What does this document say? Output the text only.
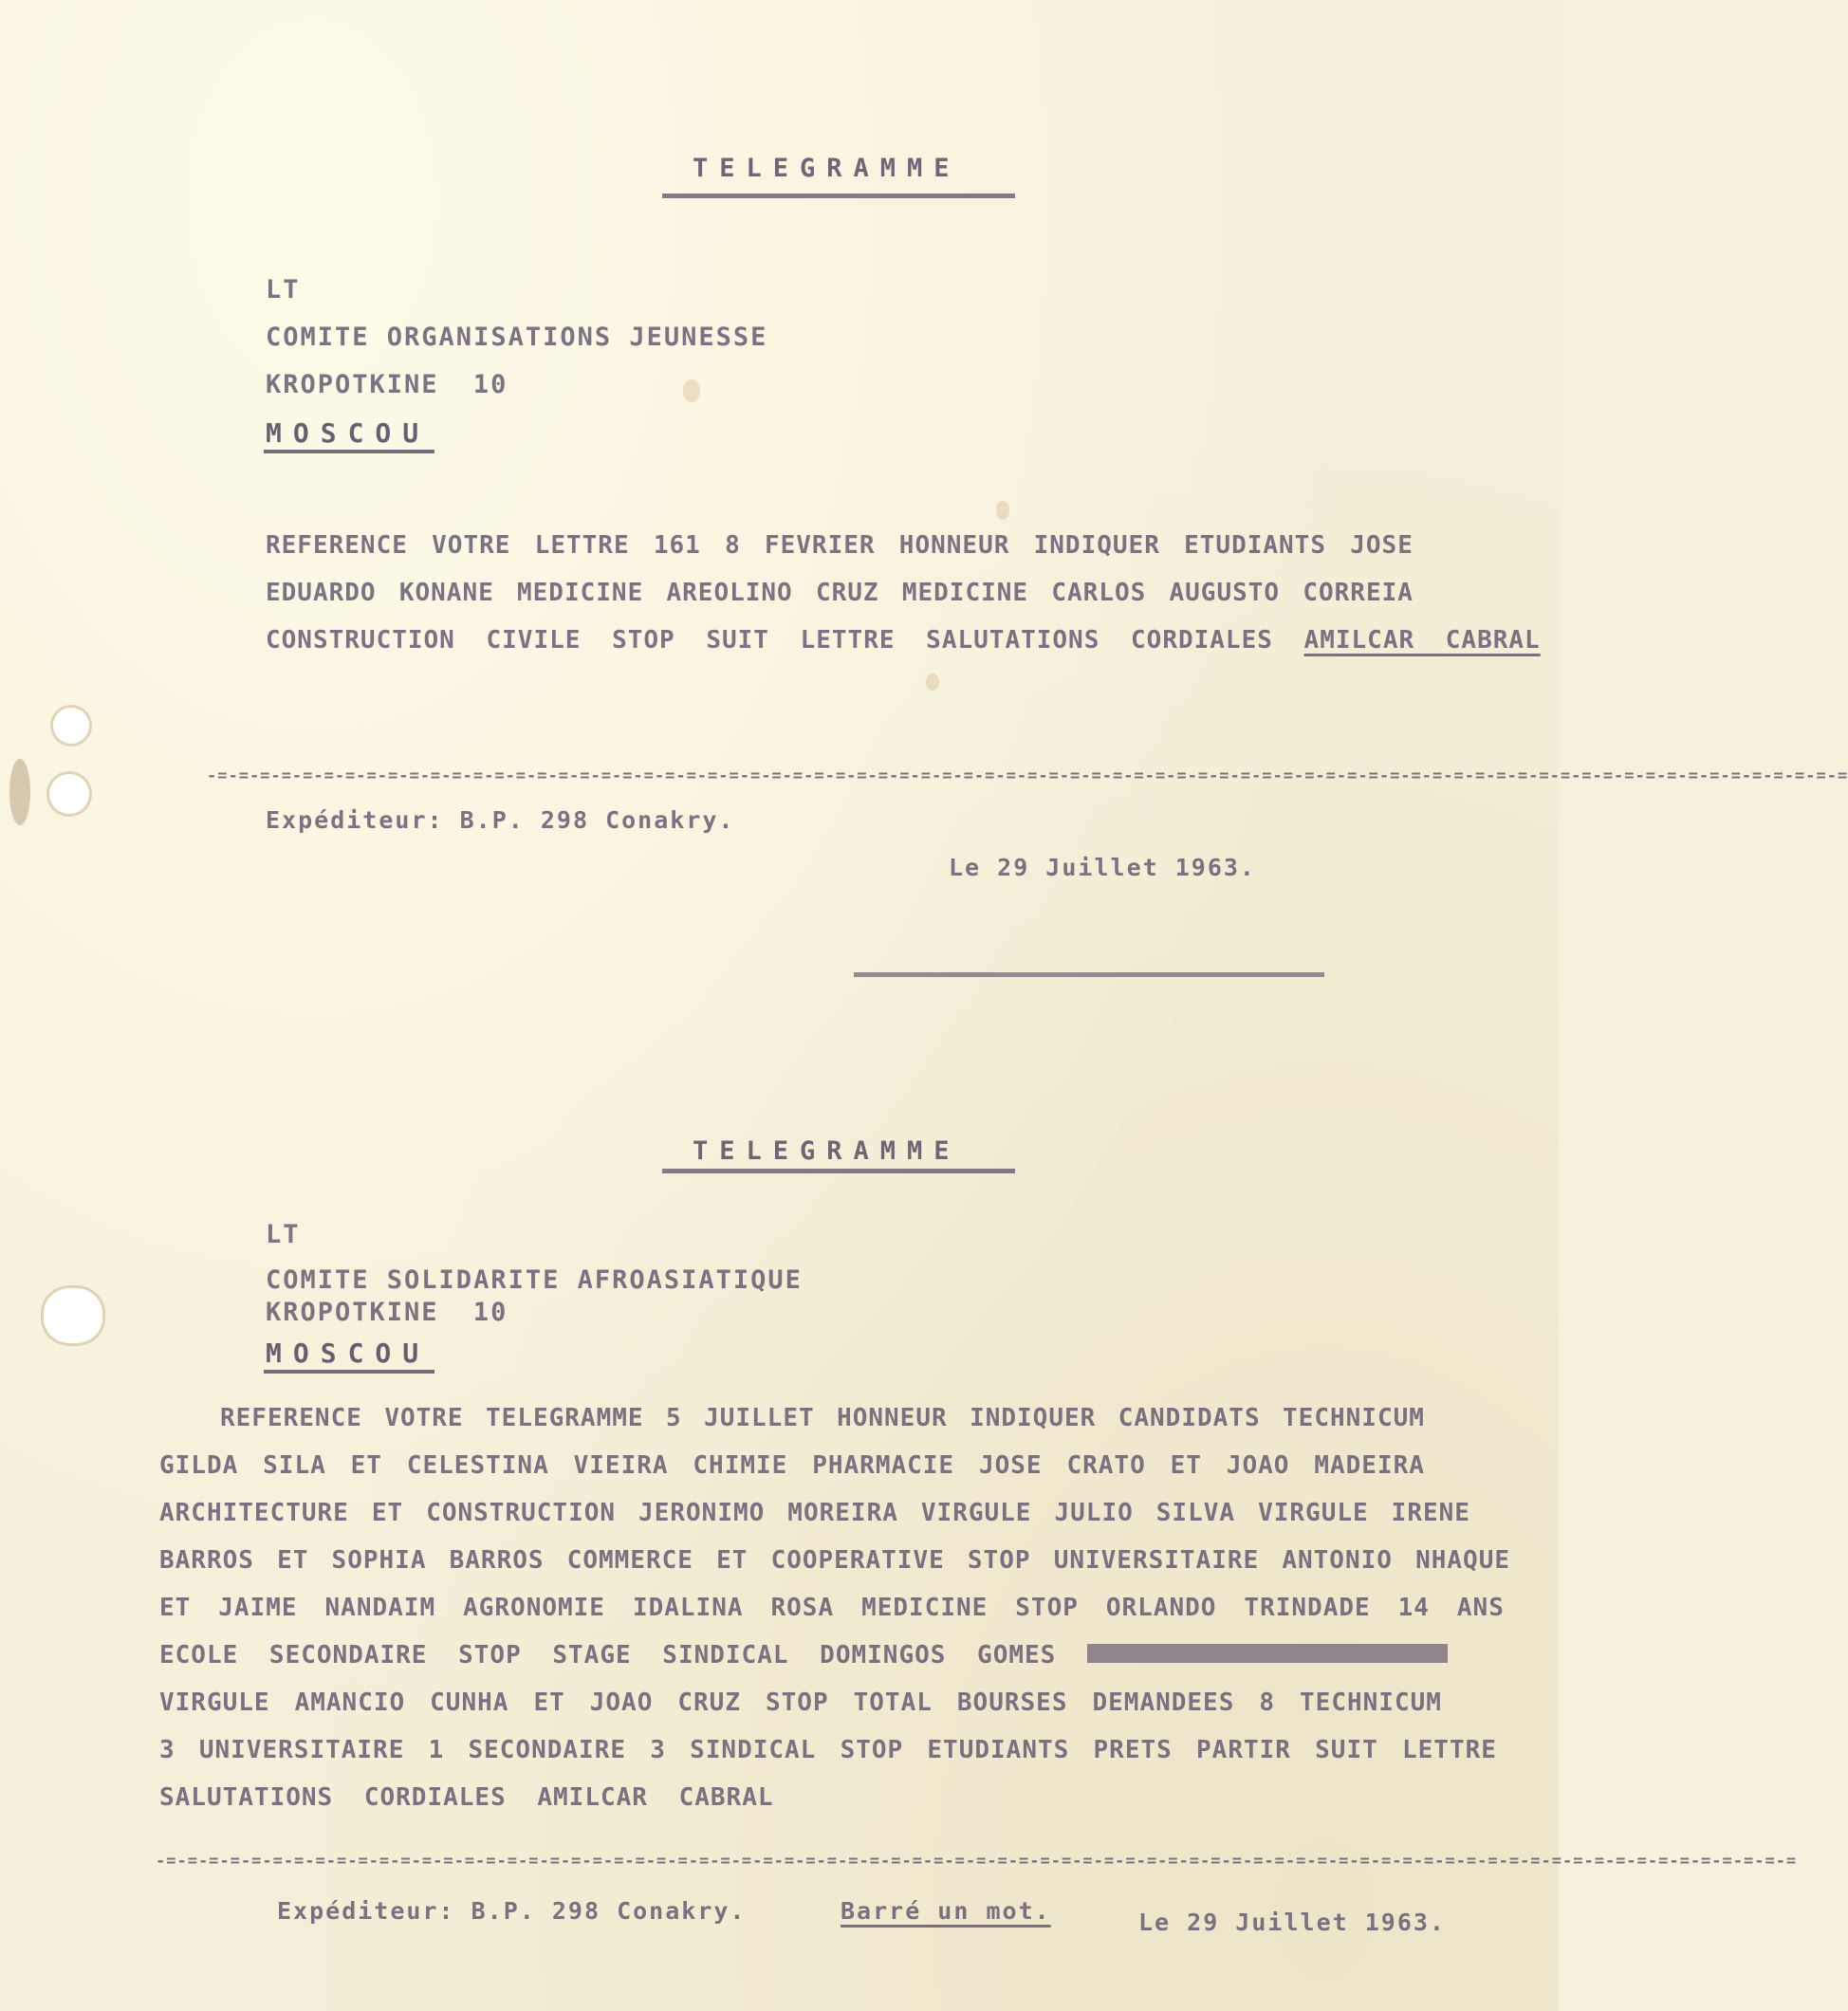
TELEGRAMME
LT
COMITE ORGANISATIONS JEUNESSE
KROPOTKINE 10
MOSCOU
REFERENCE VOTRE LETTRE 161 8 FEVRIER HONNEUR INDIQUER ETUDIANTS JOSE
EDUARDO KONANE MEDICINE AREOLINO CRUZ MEDICINE CARLOS AUGUSTO CORREIA
CONSTRUCTION CIVILE STOP SUIT LETTRE SALUTATIONS CORDIALES AMILCAR CABRAL
-=-=-=-=-=-=-=-=-=-=-=-=-=-=-=-=-=-=-=-=-=-=-=-=-=-=-=-=-=-=-=-=-=-=-=-=-=-=-=-=-=-=-=-=-=-=-=-=-=-=-=-=-=-=-=-=-=-=-=-=-=-=-=-=-=-=-=-=-=-=-=-=-=-=-=-=-=
Expéditeur: B.P. 298 Conakry.
Le 29 Juillet 1963.
TELEGRAMME
LT
COMITE SOLIDARITE AFROASIATIQUE
KROPOTKINE 10
MOSCOU
REFERENCE VOTRE TELEGRAMME 5 JUILLET HONNEUR INDIQUER CANDIDATS TECHNICUM
GILDA SILA ET CELESTINA VIEIRA CHIMIE PHARMACIE JOSE CRATO ET JOAO MADEIRA
ARCHITECTURE ET CONSTRUCTION JERONIMO MOREIRA VIRGULE JULIO SILVA VIRGULE IRENE
BARROS ET SOPHIA BARROS COMMERCE ET COOPERATIVE STOP UNIVERSITAIRE ANTONIO NHAQUE
ET JAIME NANDAIM AGRONOMIE IDALINA ROSA MEDICINE STOP ORLANDO TRINDADE 14 ANS
ECOLE SECONDAIRE STOP STAGE SINDICAL DOMINGOS GOMES
VIRGULE AMANCIO CUNHA ET JOAO CRUZ STOP TOTAL BOURSES DEMANDEES 8 TECHNICUM
3 UNIVERSITAIRE 1 SECONDAIRE 3 SINDICAL STOP ETUDIANTS PRETS PARTIR SUIT LETTRE
SALUTATIONS CORDIALES AMILCAR CABRAL
-=-=-=-=-=-=-=-=-=-=-=-=-=-=-=-=-=-=-=-=-=-=-=-=-=-=-=-=-=-=-=-=-=-=-=-=-=-=-=-=-=-=-=-=-=-=-=-=-=-=-=-=-=-=-=-=-=-=-=-=-=-=-=-=-=-=-=-=-=-=-=-=-=-=-=-=-=
Expéditeur: B.P. 298 Conakry.	Barré un mot.	Le 29 Juillet 1963.
